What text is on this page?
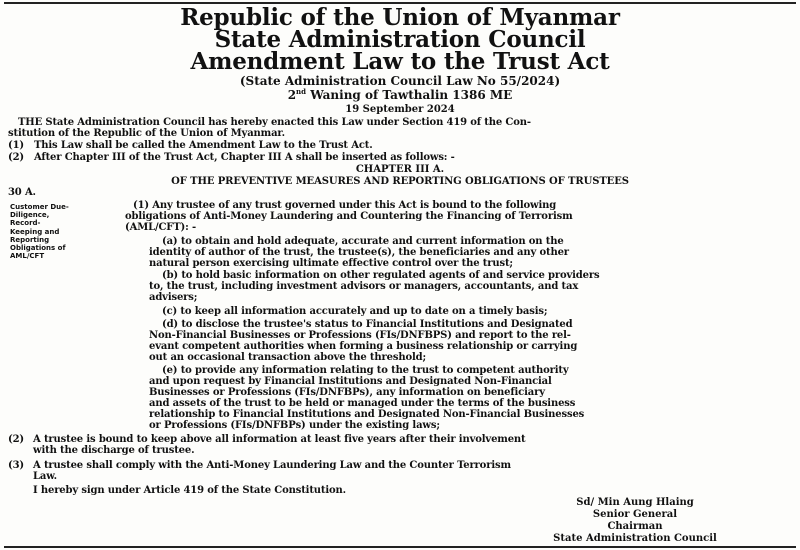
Republic of the Union of Myanmar
State Administration Council
Amendment Law to the Trust Act
(State Administration Council Law No 55/2024)
2nd Waning of Tawthalin 1386 ME
19 September 2024
THE State Administration Council has hereby enacted this Law under Section 419 of the Con-
stitution of the Republic of the Union of Myanmar.
(1) This Law shall be called the Amendment Law to the Trust Act.
(2) After Chapter III of the Trust Act, Chapter III A shall be inserted as follows: -
CHAPTER III A.
OF THE PREVENTIVE MEASURES AND REPORTING OBLIGATIONS OF TRUSTEES
30 A.
Customer Due-
Diligence,
Record-
Keeping and
Reporting
Obligations of
AML/CFT
(1) Any trustee of any trust governed under this Act is bound to the following
obligations of Anti-Money Laundering and Countering the Financing of Terrorism
(AML/CFT): -
(a) to obtain and hold adequate, accurate and current information on the
identity of author of the trust, the trustee(s), the beneficiaries and any other
natural person exercising ultimate effective control over the trust;
(b) to hold basic information on other regulated agents of and service providers
to, the trust, including investment advisors or managers, accountants, and tax
advisers;
(c) to keep all information accurately and up to date on a timely basis;
(d) to disclose the trustee's status to Financial Institutions and Designated
Non-Financial Businesses or Professions (FIs/DNFBPS) and report to the rel-
evant competent authorities when forming a business relationship or carrying
out an occasional transaction above the threshold;
(e) to provide any information relating to the trust to competent authority
and upon request by Financial Institutions and Designated Non-Financial
Businesses or Professions (FIs/DNFBPs), any information on beneficiary
and assets of the trust to be held or managed under the terms of the business
relationship to Financial Institutions and Designated Non-Financial Businesses
or Professions (FIs/DNFBPs) under the existing laws;
(2) A trustee is bound to keep above all information at least five years after their involvement
with the discharge of trustee.
(3) A trustee shall comply with the Anti-Money Laundering Law and the Counter Terrorism
Law.
I hereby sign under Article 419 of the State Constitution.
Sd/ Min Aung Hlaing
Senior General
Chairman
State Administration Council
